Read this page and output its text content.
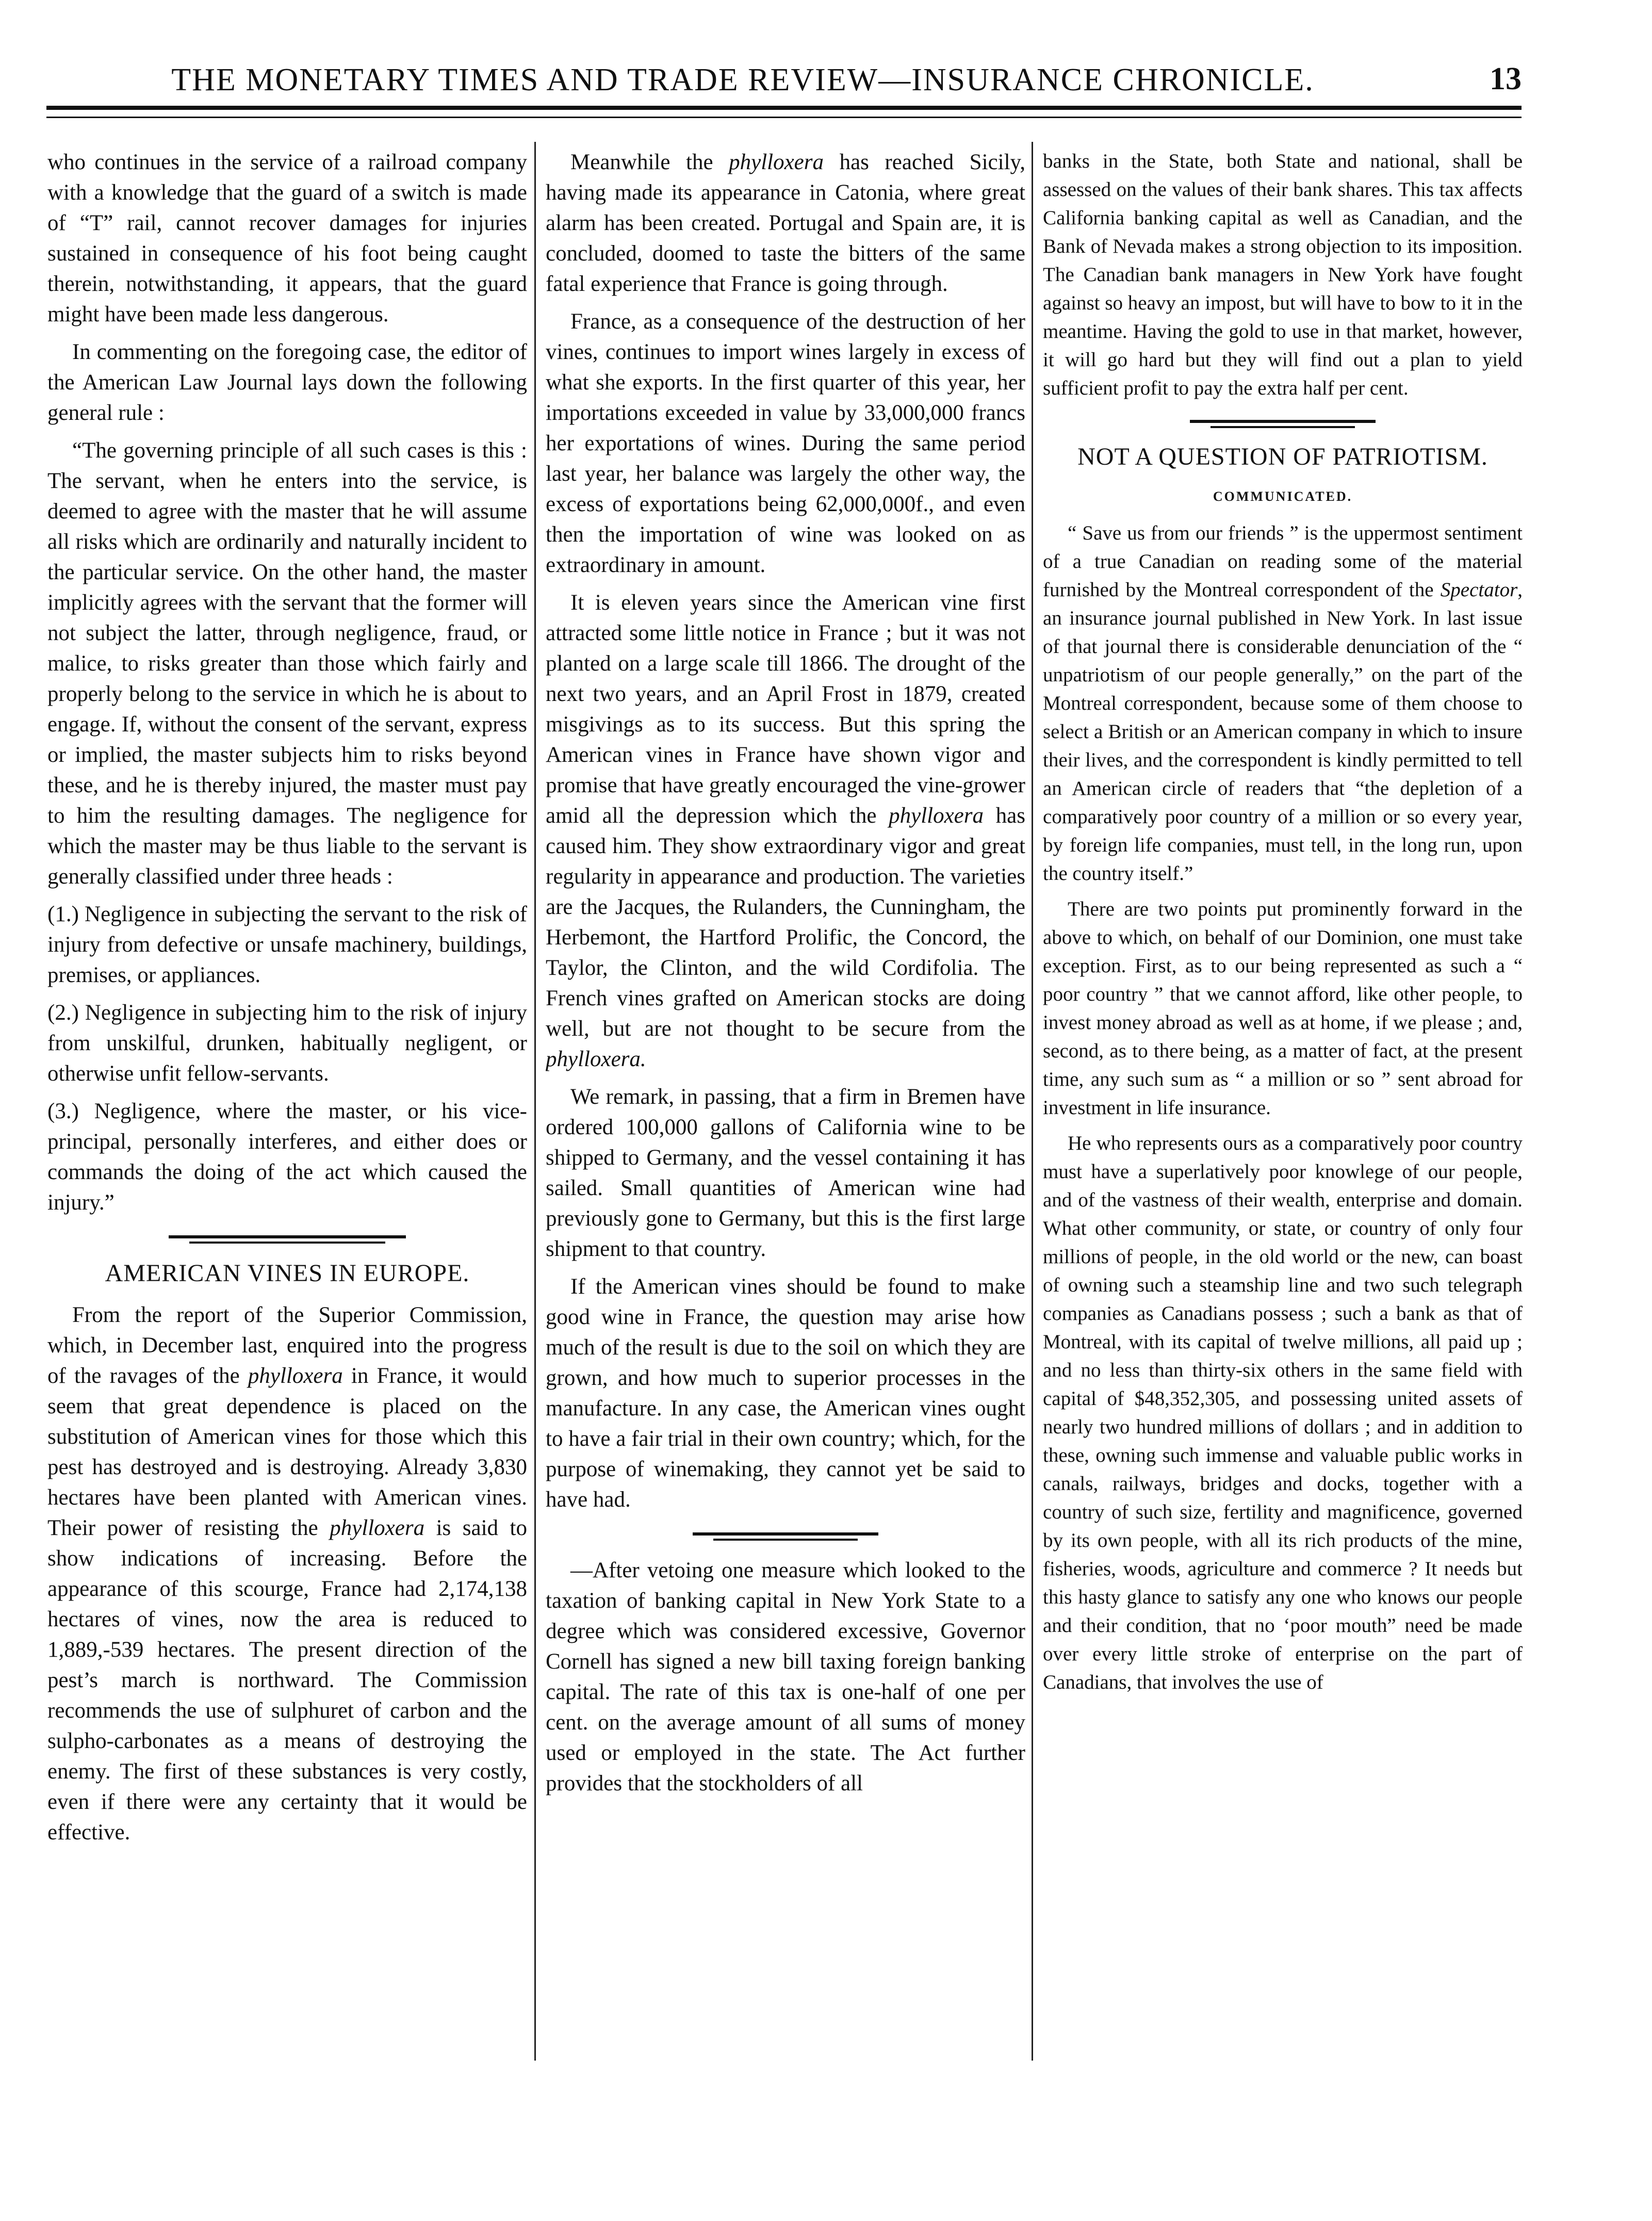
THE MONETARY TIMES AND TRADE REVIEW—INSURANCE CHRONICLE.	13

who continues in the service of a railroad company with a knowledge that the guard of a switch is made of “T” rail, cannot recover damages for injuries sustained in consequence of his foot being caught therein, notwithstanding, it appears, that the guard might have been made less dangerous.

In commenting on the foregoing case, the editor of the American Law Journal lays down the following general rule :

“The governing principle of all such cases is this : The servant, when he enters into the service, is deemed to agree with the master that he will assume all risks which are ordinarily and naturally incident to the particular service. On the other hand, the master implicitly agrees with the servant that the former will not subject the latter, through negligence, fraud, or malice, to risks greater than those which fairly and properly belong to the service in which he is about to engage. If, without the consent of the servant, express or implied, the master subjects him to risks beyond these, and he is thereby injured, the master must pay to him the resulting damages. The negligence for which the master may be thus liable to the servant is generally classified under three heads :

(1.) Negligence in subjecting the servant to the risk of injury from defective or unsafe machinery, buildings, premises, or appliances.

(2.) Negligence in subjecting him to the risk of injury from unskilful, drunken, habitually negligent, or otherwise unfit fellow-servants.

(3.) Negligence, where the master, or his vice-principal, personally interferes, and either does or commands the doing of the act which caused the injury.”

AMERICAN VINES IN EUROPE.

From the report of the Superior Commission, which, in December last, enquired into the progress of the ravages of the phylloxera in France, it would seem that great dependence is placed on the substitution of American vines for those which this pest has destroyed and is destroying. Already 3,830 hectares have been planted with American vines. Their power of resisting the phylloxera is said to show indications of increasing. Before the appearance of this scourge, France had 2,174,138 hectares of vines, now the area is reduced to 1,889,-539 hectares. The present direction of the pest’s march is northward. The Commission recommends the use of sulphuret of carbon and the sulpho-carbonates as a means of destroying the enemy. The first of these substances is very costly, even if there were any certainty that it would be effective.

Meanwhile the phylloxera has reached Sicily, having made its appearance in Catonia, where great alarm has been created. Portugal and Spain are, it is concluded, doomed to taste the bitters of the same fatal experience that France is going through.

France, as a consequence of the destruction of her vines, continues to import wines largely in excess of what she exports. In the first quarter of this year, her importations exceeded in value by 33,000,000 francs her exportations of wines. During the same period last year, her balance was largely the other way, the excess of exportations being 62,000,000f., and even then the importation of wine was looked on as extraordinary in amount.

It is eleven years since the American vine first attracted some little notice in France ; but it was not planted on a large scale till 1866. The drought of the next two years, and an April Frost in 1879, created misgivings as to its success. But this spring the American vines in France have shown vigor and promise that have greatly encouraged the vine-grower amid all the depression which the phylloxera has caused him. They show extraordinary vigor and great regularity in appearance and production. The varieties are the Jacques, the Rulanders, the Cunningham, the Herbemont, the Hartford Prolific, the Concord, the Taylor, the Clinton, and the wild Cordifolia. The French vines grafted on American stocks are doing well, but are not thought to be secure from the phylloxera.

We remark, in passing, that a firm in Bremen have ordered 100,000 gallons of California wine to be shipped to Germany, and the vessel containing it has sailed. Small quantities of American wine had previously gone to Germany, but this is the first large shipment to that country.

If the American vines should be found to make good wine in France, the question may arise how much of the result is due to the soil on which they are grown, and how much to superior processes in the manufacture. In any case, the American vines ought to have a fair trial in their own country; which, for the purpose of winemaking, they cannot yet be said to have had.

—After vetoing one measure which looked to the taxation of banking capital in New York State to a degree which was considered excessive, Governor Cornell has signed a new bill taxing foreign banking capital. The rate of this tax is one-half of one per cent. on the average amount of all sums of money used or employed in the state. The Act further provides that the stockholders of all

banks in the State, both State and national, shall be assessed on the values of their bank shares. This tax affects California banking capital as well as Canadian, and the Bank of Nevada makes a strong objection to its imposition. The Canadian bank managers in New York have fought against so heavy an impost, but will have to bow to it in the meantime. Having the gold to use in that market, however, it will go hard but they will find out a plan to yield sufficient profit to pay the extra half per cent.

NOT A QUESTION OF PATRIOTISM.
COMMUNICATED.

“ Save us from our friends ” is the uppermost sentiment of a true Canadian on reading some of the material furnished by the Montreal correspondent of the Spectator, an insurance journal published in New York. In last issue of that journal there is considerable denunciation of the “ unpatriotism of our people generally,” on the part of the Montreal correspondent, because some of them choose to select a British or an American company in which to insure their lives, and the correspondent is kindly permitted to tell an American circle of readers that “the depletion of a comparatively poor country of a million or so every year, by foreign life companies, must tell, in the long run, upon the country itself.”

There are two points put prominently forward in the above to which, on behalf of our Dominion, one must take exception. First, as to our being represented as such a “ poor country ” that we cannot afford, like other people, to invest money abroad as well as at home, if we please ; and, second, as to there being, as a matter of fact, at the present time, any such sum as “ a million or so ” sent abroad for investment in life insurance.

He who represents ours as a comparatively poor country must have a superlatively poor knowlege of our people, and of the vastness of their wealth, enterprise and domain. What other community, or state, or country of only four millions of people, in the old world or the new, can boast of owning such a steamship line and two such telegraph companies as Canadians possess ; such a bank as that of Montreal, with its capital of twelve millions, all paid up ; and no less than thirty-six others in the same field with capital of $48,352,305, and possessing united assets of nearly two hundred millions of dollars ; and in addition to these, owning such immense and valuable public works in canals, railways, bridges and docks, together with a country of such size, fertility and magnificence, governed by its own people, with all its rich products of the mine, fisheries, woods, agriculture and commerce ? It needs but this hasty glance to satisfy any one who knows our people and their condition, that no ‘poor mouth” need be made over every little stroke of enterprise on the part of Canadians, that involves the use of
